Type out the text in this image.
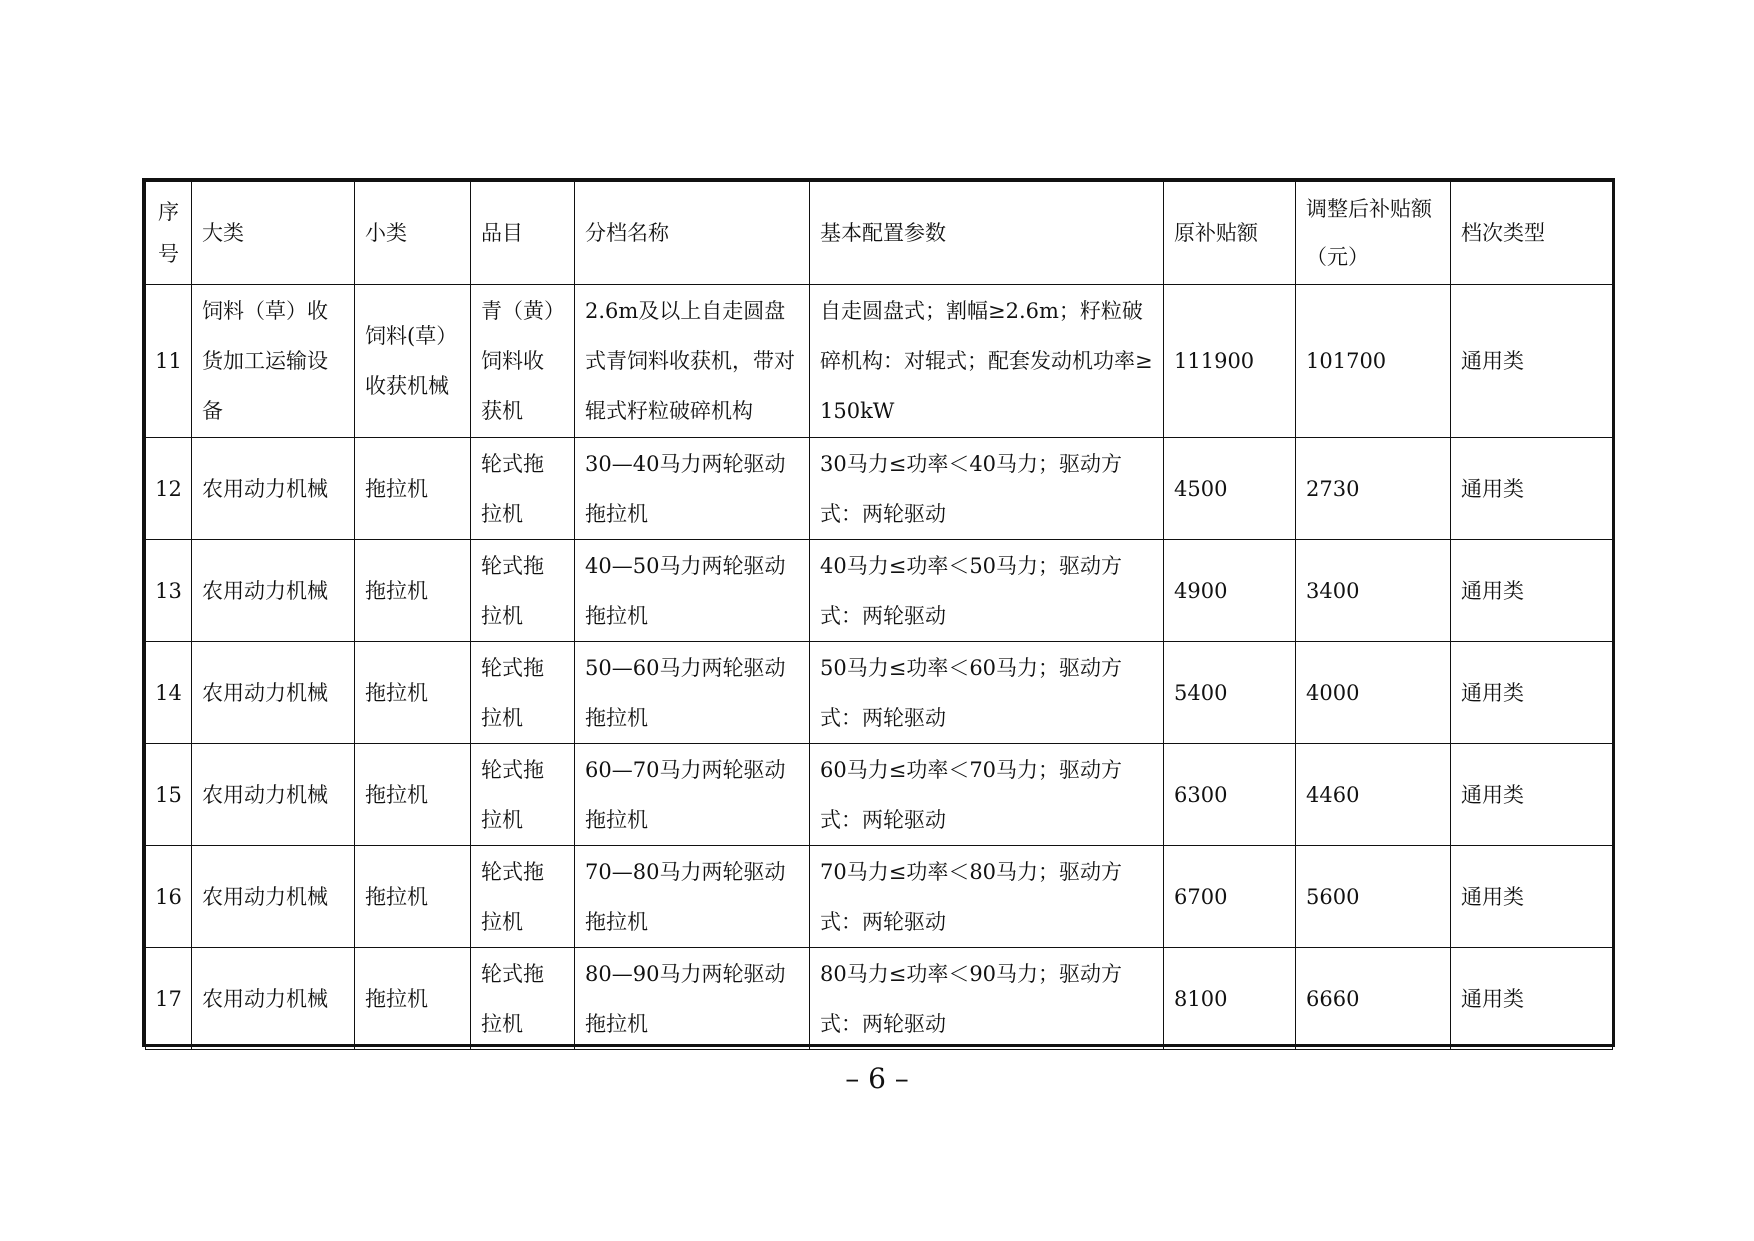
序号	大类	小类	品目	分档名称	基本配置参数	原补贴额	调整后补贴额（元）	档次类型
11	饲料（草）收货加工运输设备	饲料(草）收获机械	青（黄）饲料收获机	2.6m及以上自走圆盘式青饲料收获机，带对辊式籽粒破碎机构	自走圆盘式；割幅≥2.6m；籽粒破碎机构：对辊式；配套发动机功率≥150kW	111900	101700	通用类
12	农用动力机械	拖拉机	轮式拖拉机	30—40马力两轮驱动拖拉机	30马力≤功率＜40马力；驱动方式：两轮驱动	4500	2730	通用类
13	农用动力机械	拖拉机	轮式拖拉机	40—50马力两轮驱动拖拉机	40马力≤功率＜50马力；驱动方式：两轮驱动	4900	3400	通用类
14	农用动力机械	拖拉机	轮式拖拉机	50—60马力两轮驱动拖拉机	50马力≤功率＜60马力；驱动方式：两轮驱动	5400	4000	通用类
15	农用动力机械	拖拉机	轮式拖拉机	60—70马力两轮驱动拖拉机	60马力≤功率＜70马力；驱动方式：两轮驱动	6300	4460	通用类
16	农用动力机械	拖拉机	轮式拖拉机	70—80马力两轮驱动拖拉机	70马力≤功率＜80马力；驱动方式：两轮驱动	6700	5600	通用类
17	农用动力机械	拖拉机	轮式拖拉机	80—90马力两轮驱动拖拉机	80马力≤功率＜90马力；驱动方式：两轮驱动	8100	6660	通用类
– 6 –
